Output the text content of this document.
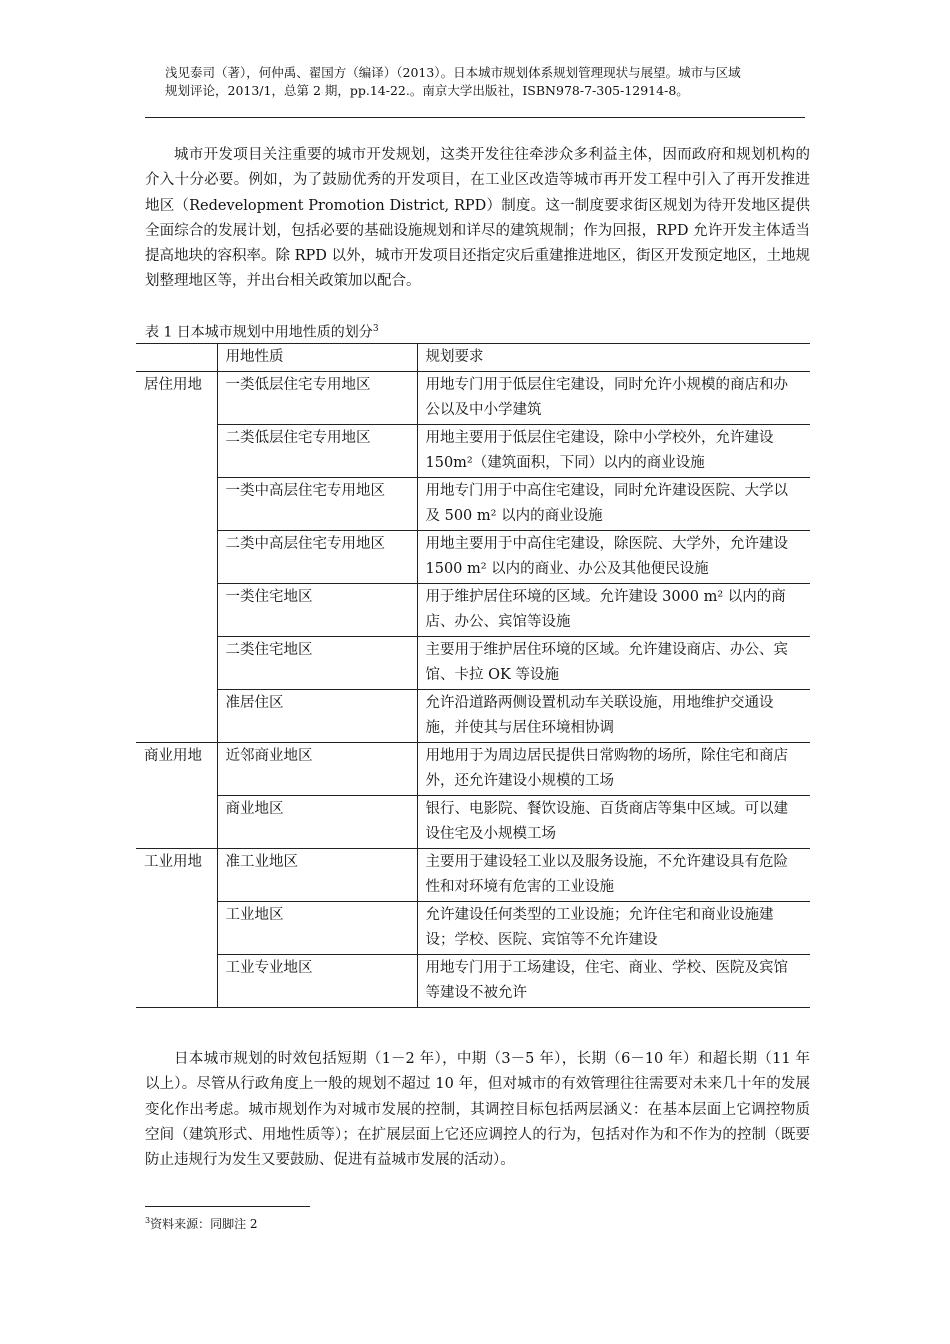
浅见泰司（著），何仲禹、翟国方（编译）（2013）。日本城市规划体系规划管理现状与展望。城市与区域
规划评论，2013/1，总第 2 期，pp.14-22.。南京大学出版社，ISBN978-7-305-12914-8。

城市开发项目关注重要的城市开发规划，这类开发往往牵涉众多利益主体，因而政府和规划机构的介入十分必要。例如，为了鼓励优秀的开发项目，在工业区改造等城市再开发工程中引入了再开发推进地区（Redevelopment Promotion District, RPD）制度。这一制度要求街区规划为待开发地区提供全面综合的发展计划，包括必要的基础设施规划和详尽的建筑规制；作为回报，RPD 允许开发主体适当提高地块的容积率。除 RPD 以外，城市开发项目还指定灾后重建推进地区，街区开发预定地区，土地规划整理地区等，并出台相关政策加以配合。

表 1 日本城市规划中用地性质的划分$^3$
	用地性质	规划要求
居住用地	一类低层住宅专用地区	用地专门用于低层住宅建设，同时允许小规模的商店和办公以及中小学建筑
	二类低层住宅专用地区	用地主要用于低层住宅建设，除中小学校外，允许建设 150m²（建筑面积，下同）以内的商业设施
	一类中高层住宅专用地区	用地专门用于中高住宅建设，同时允许建设医院、大学以及 500 m² 以内的商业设施
	二类中高层住宅专用地区	用地主要用于中高住宅建设，除医院、大学外，允许建设 1500 m² 以内的商业、办公及其他便民设施
	一类住宅地区	用于维护居住环境的区域。允许建设 3000 m² 以内的商店、办公、宾馆等设施
	二类住宅地区	主要用于维护居住环境的区域。允许建设商店、办公、宾馆、卡拉 OK 等设施
	准居住区	允许沿道路两侧设置机动车关联设施，用地维护交通设施，并使其与居住环境相协调
商业用地	近邻商业地区	用地用于为周边居民提供日常购物的场所，除住宅和商店外，还允许建设小规模的工场
	商业地区	银行、电影院、餐饮设施、百货商店等集中区域。可以建设住宅及小规模工场
工业用地	准工业地区	主要用于建设轻工业以及服务设施，不允许建设具有危险性和对环境有危害的工业设施
	工业地区	允许建设任何类型的工业设施；允许住宅和商业设施建设；学校、医院、宾馆等不允许建设
	工业专业地区	用地专门用于工场建设，住宅、商业、学校、医院及宾馆等建设不被允许

日本城市规划的时效包括短期（1－2 年），中期（3－5 年），长期（6－10 年）和超长期（11 年以上）。尽管从行政角度上一般的规划不超过 10 年，但对城市的有效管理往往需要对未来几十年的发展变化作出考虑。城市规划作为对城市发展的控制，其调控目标包括两层涵义：在基本层面上它调控物质空间（建筑形式、用地性质等）；在扩展层面上它还应调控人的行为，包括对作为和不作为的控制（既要防止违规行为发生又要鼓励、促进有益城市发展的活动）。

$^3$资料来源：同脚注 2
